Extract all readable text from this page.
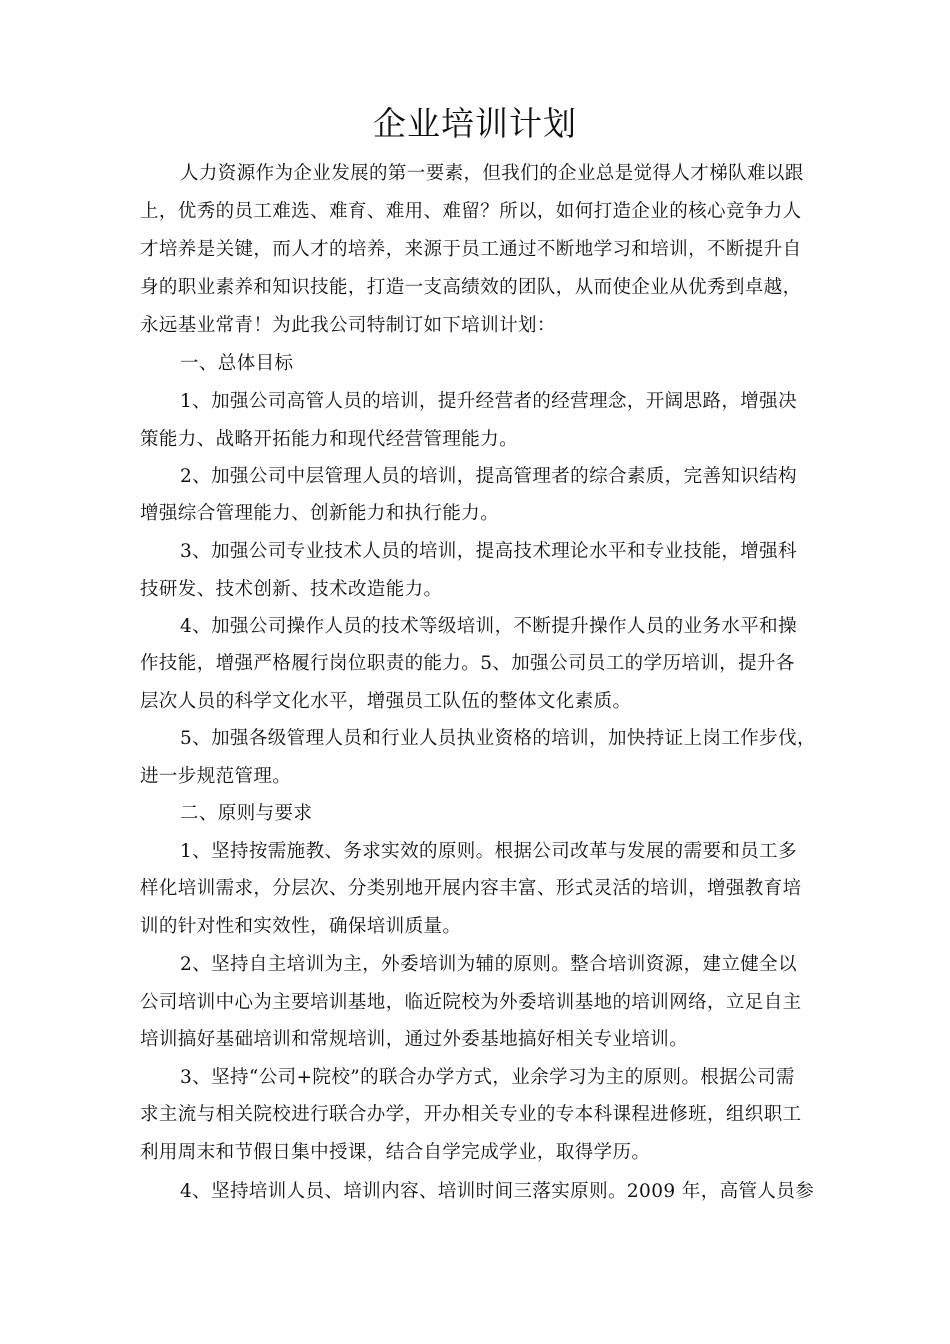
企业培训计划
人力资源作为企业发展的第一要素，但我们的企业总是觉得人才梯队难以跟
上，优秀的员工难选、难育、难用、难留？所以，如何打造企业的核心竞争力人
才培养是关键，而人才的培养，来源于员工通过不断地学习和培训，不断提升自
身的职业素养和知识技能，打造一支高绩效的团队，从而使企业从优秀到卓越，
永远基业常青！为此我公司特制订如下培训计划：
一、总体目标
1、加强公司高管人员的培训，提升经营者的经营理念，开阔思路，增强决
策能力、战略开拓能力和现代经营管理能力。
2、加强公司中层管理人员的培训，提高管理者的综合素质，完善知识结构
增强综合管理能力、创新能力和执行能力。
3、加强公司专业技术人员的培训，提高技术理论水平和专业技能，增强科
技研发、技术创新、技术改造能力。
4、加强公司操作人员的技术等级培训，不断提升操作人员的业务水平和操
作技能，增强严格履行岗位职责的能力。5、加强公司员工的学历培训，提升各
层次人员的科学文化水平，增强员工队伍的整体文化素质。
5、加强各级管理人员和行业人员执业资格的培训，加快持证上岗工作步伐，
进一步规范管理。
二、原则与要求
1、坚持按需施教、务求实效的原则。根据公司改革与发展的需要和员工多
样化培训需求，分层次、分类别地开展内容丰富、形式灵活的培训，增强教育培
训的针对性和实效性，确保培训质量。
2、坚持自主培训为主，外委培训为辅的原则。整合培训资源，建立健全以
公司培训中心为主要培训基地，临近院校为外委培训基地的培训网络，立足自主
培训搞好基础培训和常规培训，通过外委基地搞好相关专业培训。
3、坚持“公司+院校”的联合办学方式，业余学习为主的原则。根据公司需
求主流与相关院校进行联合办学，开办相关专业的专本科课程进修班，组织职工
利用周末和节假日集中授课，结合自学完成学业，取得学历。
4、坚持培训人员、培训内容、培训时间三落实原则。2009 年，高管人员参
